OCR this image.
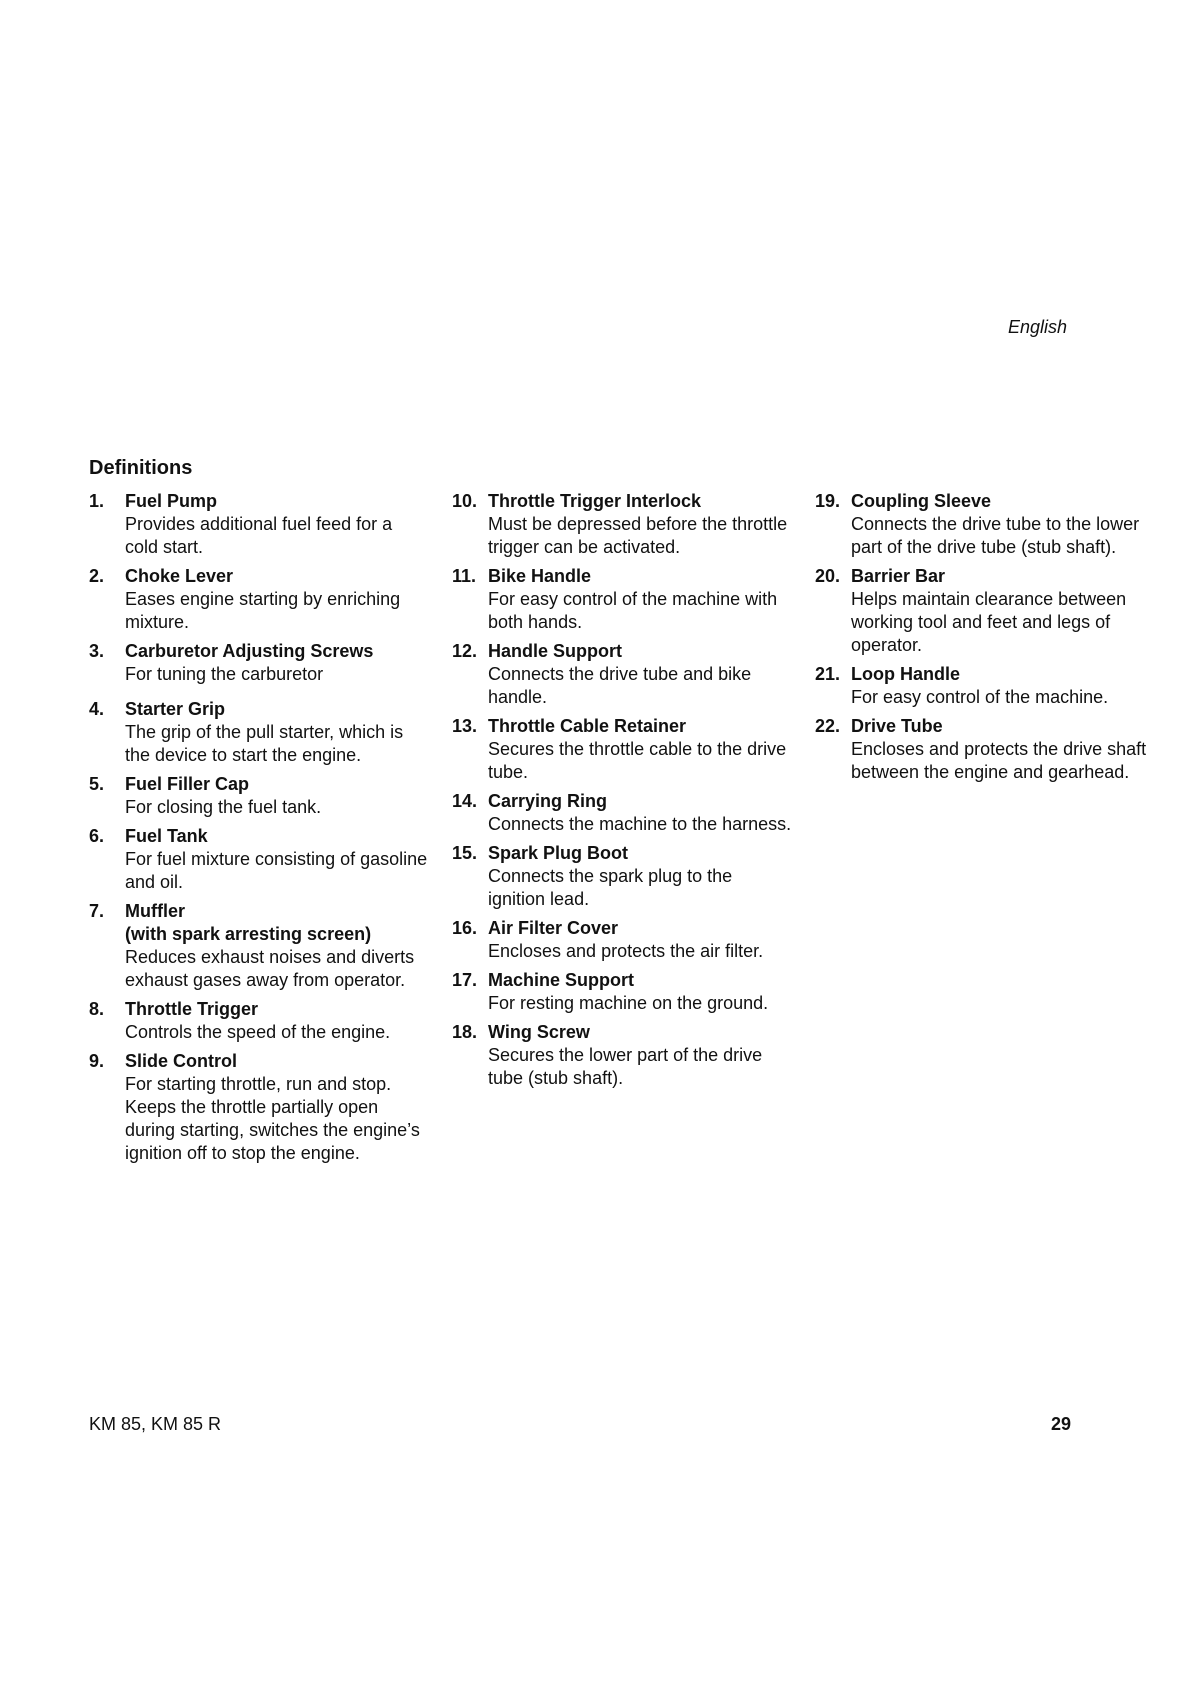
English
Definitions
1.	Fuel Pump
Provides additional fuel feed for a cold start.
2.	Choke Lever
Eases engine starting by enriching mixture.
3.	Carburetor Adjusting Screws
For tuning the carburetor
4.	Starter Grip
The grip of the pull starter, which is the device to start the engine.
5.	Fuel Filler Cap
For closing the fuel tank.
6.	Fuel Tank
For fuel mixture consisting of gasoline and oil.
7.	Muffler
(with spark arresting screen)
Reduces exhaust noises and diverts exhaust gases away from operator.
8.	Throttle Trigger
Controls the speed of the engine.
9.	Slide Control
For starting throttle, run and stop. Keeps the throttle partially open during starting, switches the engine’s ignition off to stop the engine.
10. Throttle Trigger Interlock
Must be depressed before the throttle trigger can be activated.
11. Bike Handle
For easy control of the machine with both hands.
12. Handle Support
Connects the drive tube and bike handle.
13. Throttle Cable Retainer
Secures the throttle cable to the drive tube.
14. Carrying Ring
Connects the machine to the harness.
15. Spark Plug Boot
Connects the spark plug to the ignition lead.
16. Air Filter Cover
Encloses and protects the air filter.
17. Machine Support
For resting machine on the ground.
18. Wing Screw
Secures the lower part of the drive tube (stub shaft).
19. Coupling Sleeve
Connects the drive tube to the lower part of the drive tube (stub shaft).
20. Barrier Bar
Helps maintain clearance between working tool and feet and legs of operator.
21. Loop Handle
For easy control of the machine.
22. Drive Tube
Encloses and protects the drive shaft between the engine and gearhead.
KM 85, KM 85 R	29
